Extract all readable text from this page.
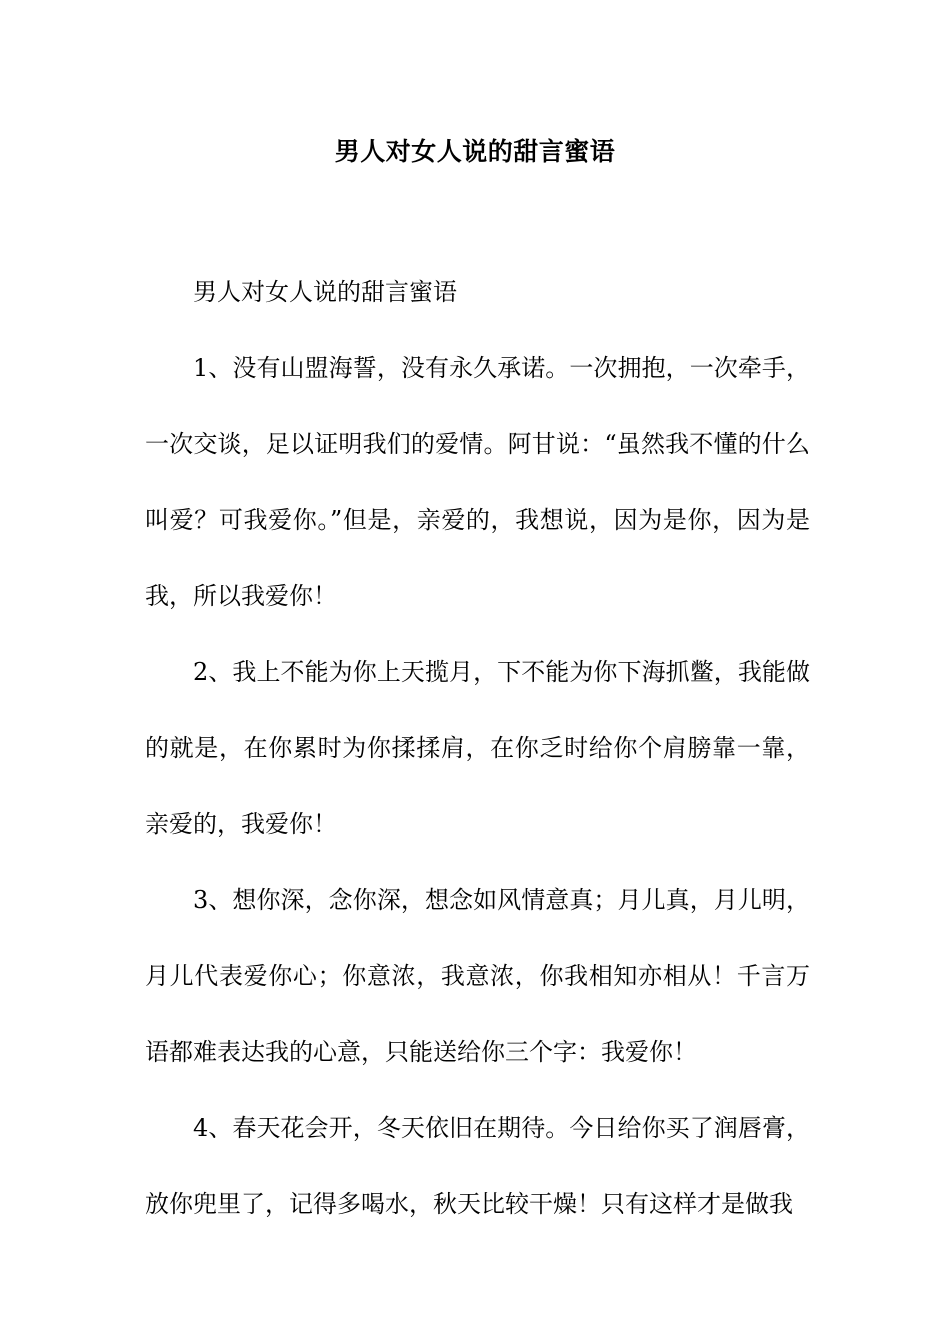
男人对女人说的甜言蜜语

男人对女人说的甜言蜜语

1、没有山盟海誓，没有永久承诺。一次拥抱，一次牵手，一次交谈，足以证明我们的爱情。阿甘说：“虽然我不懂的什么叫爱？可我爱你。”但是，亲爱的，我想说，因为是你，因为是我，所以我爱你！

2、我上不能为你上天揽月，下不能为你下海抓鳖，我能做的就是，在你累时为你揉揉肩，在你乏时给你个肩膀靠一靠，亲爱的，我爱你！

3、想你深，念你深，想念如风情意真；月儿真，月儿明，月儿代表爱你心；你意浓，我意浓，你我相知亦相从！千言万语都难表达我的心意，只能送给你三个字：我爱你！

4、春天花会开，冬天依旧在期待。今日给你买了润唇膏，放你兜里了，记得多喝水，秋天比较干燥！只有这样才是做我
